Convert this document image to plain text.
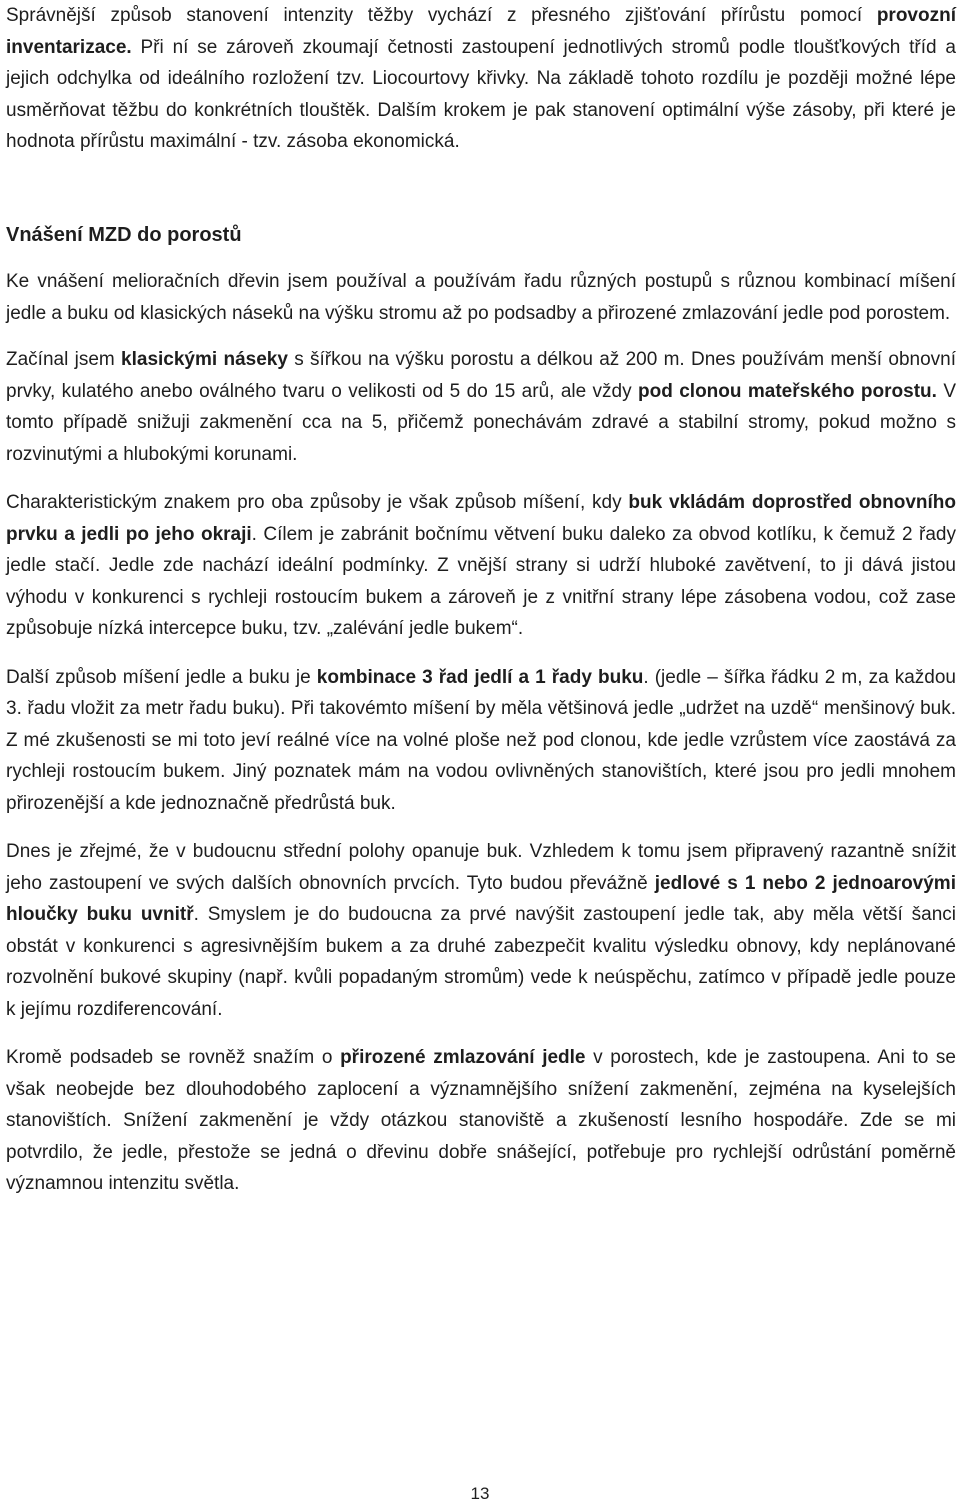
Správnější způsob stanovení intenzity těžby vychází z přesného zjišťování přírůstu pomocí provozní inventarizace. Při ní se zároveň zkoumají četnosti zastoupení jednotlivých stromů podle tloušťkových tříd a jejich odchylka od ideálního rozložení tzv. Liocourtovy křivky. Na základě tohoto rozdílu je později možné lépe usměrňovat těžbu do konkrétních tlouštěk. Dalším krokem je pak stanovení optimální výše zásoby, při které je hodnota přírůstu maximální - tzv. zásoba ekonomická.

Vnášení MZD do porostů

Ke vnášení melioračních dřevin jsem používal a používám řadu různých postupů s různou kombinací míšení jedle a buku od klasických náseků na výšku stromu až po podsadby a přirozené zmlazování jedle pod porostem.

Začínal jsem klasickými náseky s šířkou na výšku porostu a délkou až 200 m. Dnes používám menší obnovní prvky, kulatého anebo oválného tvaru o velikosti od 5 do 15 arů, ale vždy pod clonou mateřského porostu. V tomto případě snižuji zakmenění cca na 5, přičemž ponechávám zdravé a stabilní stromy, pokud možno s rozvinutými a hlubokými korunami.

Charakteristickým znakem pro oba způsoby je však způsob míšení, kdy buk vkládám doprostřed obnovního prvku a jedli po jeho okraji. Cílem je zabránit bočnímu větvení buku daleko za obvod kotlíku, k čemuž 2 řady jedle stačí. Jedle zde nachází ideální podmínky. Z vnější strany si udrží hluboké zavětvení, to ji dává jistou výhodu v konkurenci s rychleji rostoucím bukem a zároveň je z vnitřní strany lépe zásobena vodou, což zase způsobuje nízká intercepce buku, tzv. „zalévání jedle bukem“.

Další způsob míšení jedle a buku je kombinace 3 řad jedlí a 1 řady buku. (jedle – šířka řádku 2 m, za každou 3. řadu vložit za metr řadu buku). Při takovémto míšení by měla většinová jedle „udržet na uzdě“ menšinový buk. Z mé zkušenosti se mi toto jeví reálné více na volné ploše než pod clonou, kde jedle vzrůstem více zaostává za rychleji rostoucím bukem. Jiný poznatek mám na vodou ovlivněných stanovištích, které jsou pro jedli mnohem přirozenější a kde jednoznačně předrůstá buk.

Dnes je zřejmé, že v budoucnu střední polohy opanuje buk. Vzhledem k tomu jsem připravený razantně snížit jeho zastoupení ve svých dalších obnovních prvcích. Tyto budou převážně jedlové s 1 nebo 2 jednoarovými hloučky buku uvnitř. Smyslem je do budoucna za prvé navýšit zastoupení jedle tak, aby měla větší šanci obstát v konkurenci s agresivnějším bukem a za druhé zabezpečit kvalitu výsledku obnovy, kdy neplánované rozvolnění bukové skupiny (např. kvůli popadaným stromům) vede k neúspěchu, zatímco v případě jedle pouze k jejímu rozdiferencování.

Kromě podsadeb se rovněž snažím o přirozené zmlazování jedle v porostech, kde je zastoupena. Ani to se však neobejde bez dlouhodobého zaplocení a významnějšího snížení zakmenění, zejména na kyselejších stanovištích. Snížení zakmenění je vždy otázkou stanoviště a zkušeností lesního hospodáře. Zde se mi potvrdilo, že jedle, přestože se jedná o dřevinu dobře snášející, potřebuje pro rychlejší odrůstání poměrně významnou intenzitu světla.

13
